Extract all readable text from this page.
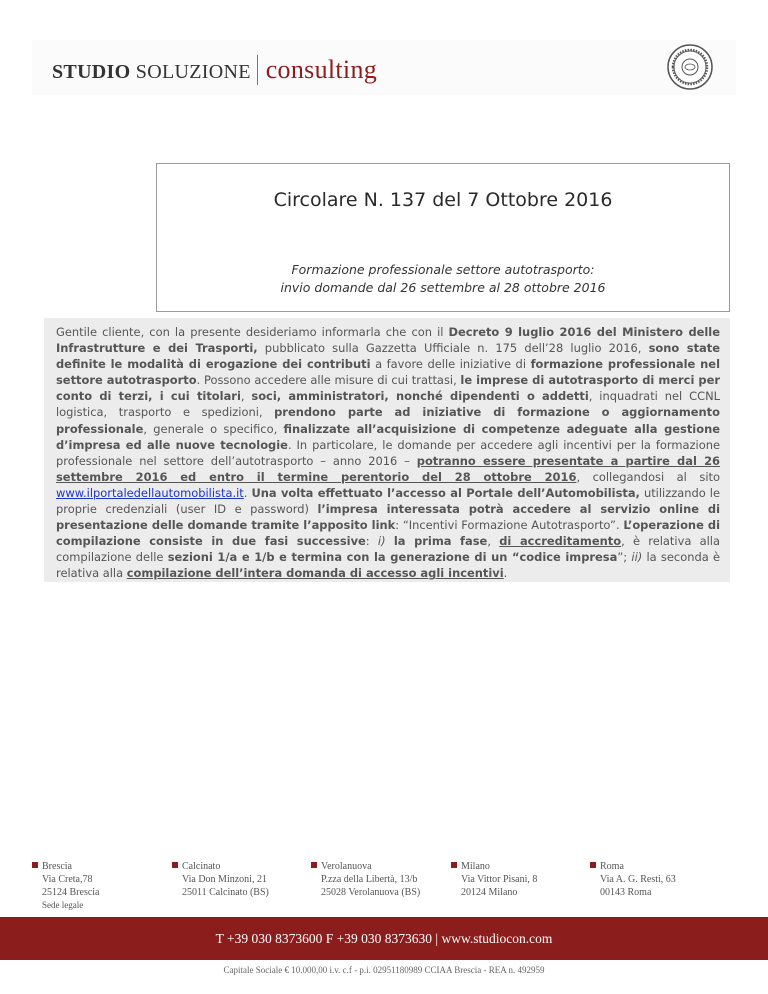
STUDIO SOLUZIONE consulting
Circolare N. 137 del 7 Ottobre 2016
Formazione professionale settore autotrasporto:
invio domande dal 26 settembre al 28 ottobre 2016
Gentile cliente, con la presente desideriamo informarla che con il Decreto 9 luglio 2016 del Ministero delle Infrastrutture e dei Trasporti, pubblicato sulla Gazzetta Ufficiale n. 175 dell’28 luglio 2016, sono state definite le modalità di erogazione dei contributi a favore delle iniziative di formazione professionale nel settore autotrasporto. Possono accedere alle misure di cui trattasi, le imprese di autotrasporto di merci per conto di terzi, i cui titolari, soci, amministratori, nonché dipendenti o addetti, inquadrati nel CCNL logistica, trasporto e spedizioni, prendono parte ad iniziative di formazione o aggiornamento professionale, generale o specifico, finalizzate all’acquisizione di competenze adeguate alla gestione d’impresa ed alle nuove tecnologie. In particolare, le domande per accedere agli incentivi per la formazione professionale nel settore dell’autotrasporto – anno 2016 – potranno essere presentate a partire dal 26 settembre 2016 ed entro il termine perentorio del 28 ottobre 2016, collegandosi al sito www.ilportaledellautomobilista.it. Una volta effettuato l’accesso al Portale dell’Automobilista, utilizzando le proprie credenziali (user ID e password) l’impresa interessata potrà accedere al servizio online di presentazione delle domande tramite l’apposito link: “Incentivi Formazione Autotrasporto”. L’operazione di compilazione consiste in due fasi successive: i) la prima fase, di accreditamento, è relativa alla compilazione delle sezioni 1/a e 1/b e termina con la generazione di un “codice impresa”; ii) la seconda è relativa alla compilazione dell’intera domanda di accesso agli incentivi.
Brescia
Via Creta,78
25124 Brescia
Sede legale
Calcinato
Via Don Minzoni, 21
25011 Calcinato (BS)
Verolanuova
P.zza della Libertà, 13/b
25028 Verolanuova (BS)
Milano
Via Vittor Pisani, 8
20124 Milano
Roma
Via A. G. Resti, 63
00143 Roma
T +39 030 8373600 F +39 030 8373630 | www.studiocon.com
Capitale Sociale € 10.000,00 i.v. c.f - p.i. 02951180989 CCIAA Brescia - REA n. 492959
